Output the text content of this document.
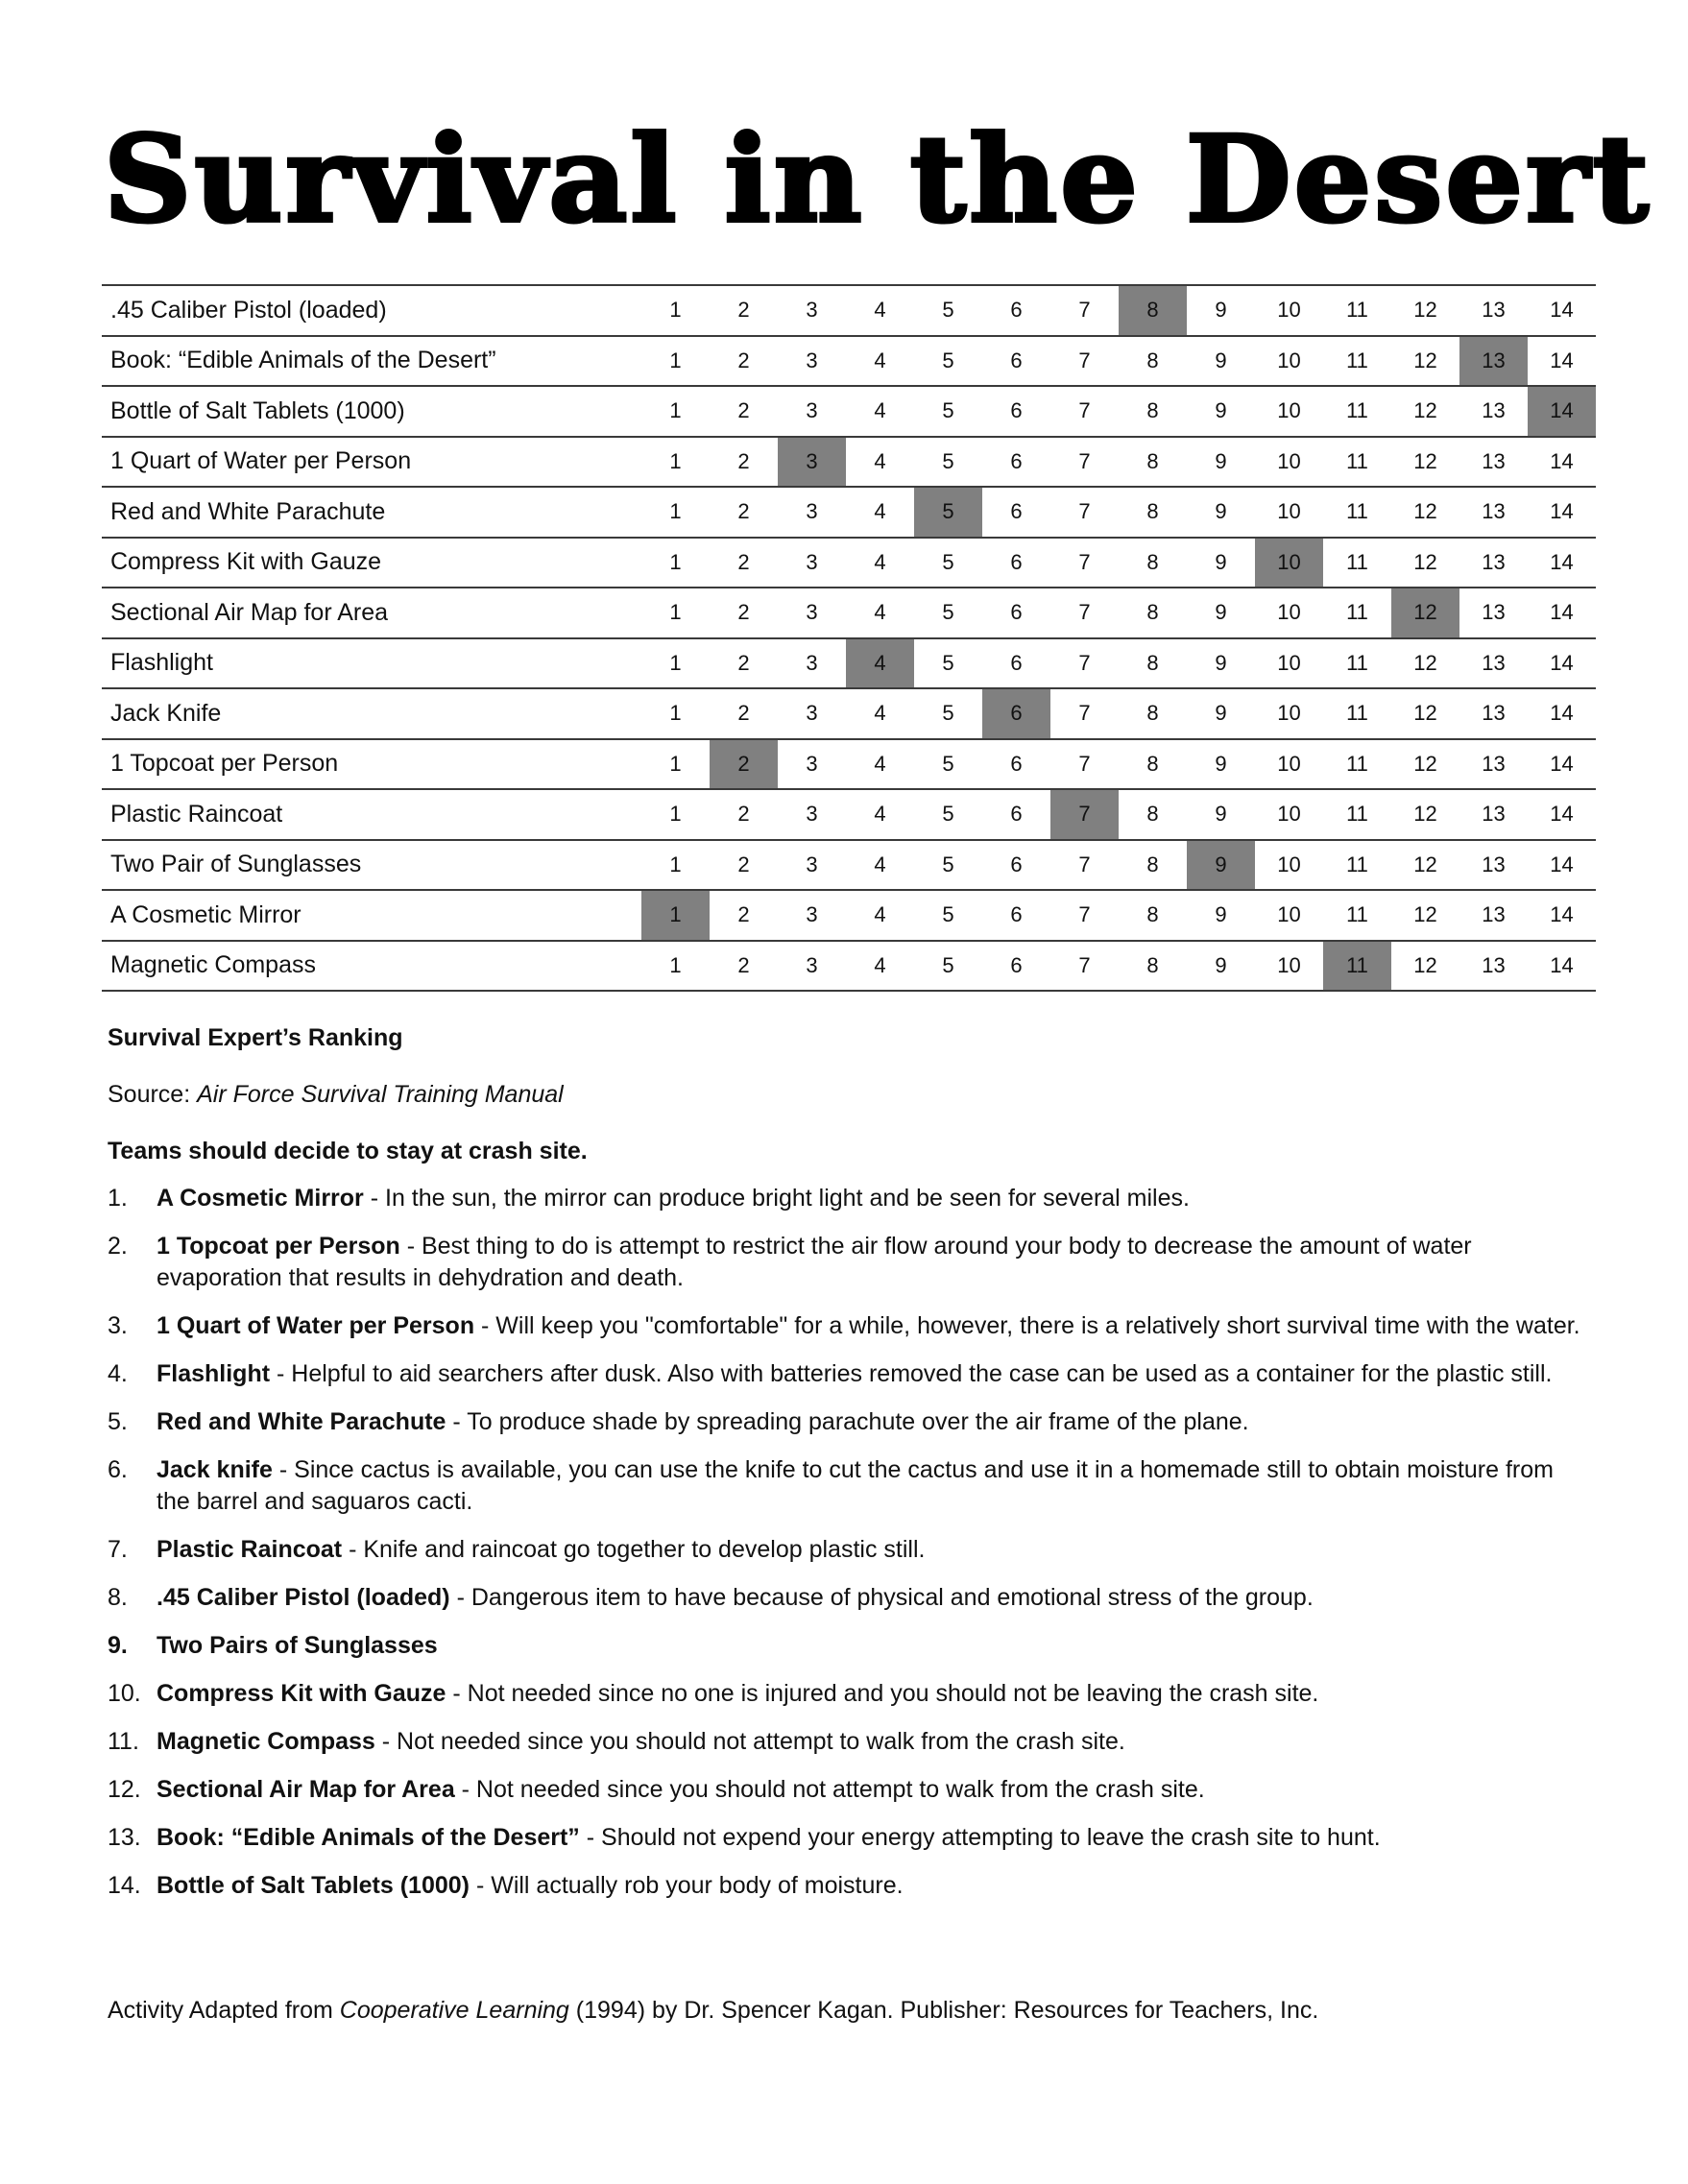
Survival in the Desert
.45 Caliber Pistol (loaded)	1	2	3	4	5	6	7	8	9	10	11	12	13	14
Book: “Edible Animals of the Desert”	1	2	3	4	5	6	7	8	9	10	11	12	13	14
Bottle of Salt Tablets (1000)	1	2	3	4	5	6	7	8	9	10	11	12	13	14
1 Quart of Water per Person	1	2	3	4	5	6	7	8	9	10	11	12	13	14
Red and White Parachute	1	2	3	4	5	6	7	8	9	10	11	12	13	14
Compress Kit with Gauze	1	2	3	4	5	6	7	8	9	10	11	12	13	14
Sectional Air Map for Area	1	2	3	4	5	6	7	8	9	10	11	12	13	14
Flashlight	1	2	3	4	5	6	7	8	9	10	11	12	13	14
Jack Knife	1	2	3	4	5	6	7	8	9	10	11	12	13	14
1 Topcoat per Person	1	2	3	4	5	6	7	8	9	10	11	12	13	14
Plastic Raincoat	1	2	3	4	5	6	7	8	9	10	11	12	13	14
Two Pair of Sunglasses	1	2	3	4	5	6	7	8	9	10	11	12	13	14
A Cosmetic Mirror	1	2	3	4	5	6	7	8	9	10	11	12	13	14
Magnetic Compass	1	2	3	4	5	6	7	8	9	10	11	12	13	14
Survival Expert’s Ranking
Source: Air Force Survival Training Manual
Teams should decide to stay at crash site.
1. A Cosmetic Mirror - In the sun, the mirror can produce bright light and be seen for several miles.
2. 1 Topcoat per Person - Best thing to do is attempt to restrict the air flow around your body to decrease the amount of water evaporation that results in dehydration and death.
3. 1 Quart of Water per Person - Will keep you "comfortable" for a while, however, there is a relatively short survival time with the water.
4. Flashlight - Helpful to aid searchers after dusk. Also with batteries removed the case can be used as a container for the plastic still.
5. Red and White Parachute - To produce shade by spreading parachute over the air frame of the plane.
6. Jack knife - Since cactus is available, you can use the knife to cut the cactus and use it in a homemade still to obtain moisture from the barrel and saguaros cacti.
7. Plastic Raincoat - Knife and raincoat go together to develop plastic still.
8. .45 Caliber Pistol (loaded) - Dangerous item to have because of physical and emotional stress of the group.
9. Two Pairs of Sunglasses
10. Compress Kit with Gauze - Not needed since no one is injured and you should not be leaving the crash site.
11. Magnetic Compass - Not needed since you should not attempt to walk from the crash site.
12. Sectional Air Map for Area - Not needed since you should not attempt to walk from the crash site.
13. Book: “Edible Animals of the Desert” - Should not expend your energy attempting to leave the crash site to hunt.
14. Bottle of Salt Tablets (1000) - Will actually rob your body of moisture.
Activity Adapted from Cooperative Learning (1994) by Dr. Spencer Kagan. Publisher: Resources for Teachers, Inc.
